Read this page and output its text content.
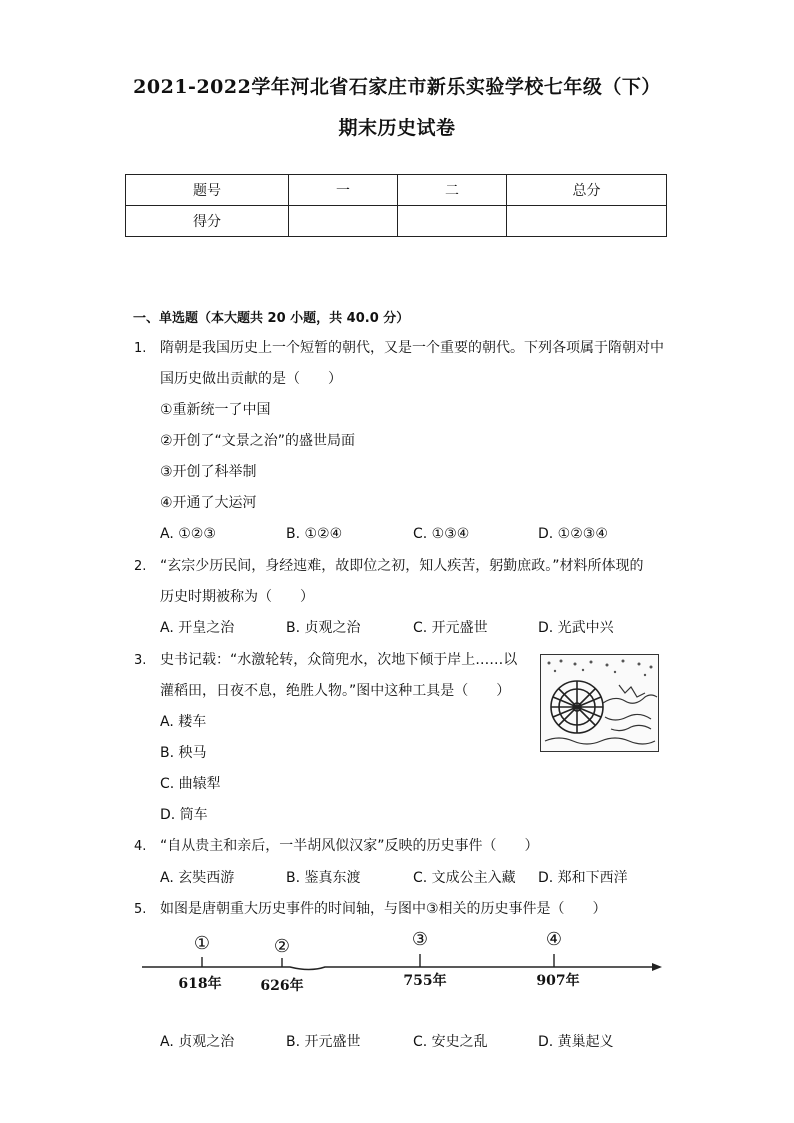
2021-2022学年河北省石家庄市新乐实验学校七年级（下）
期末历史试卷
题号	一	二	总分
得分			
一、单选题（本大题共 20 小题，共 40.0 分）
1. 隋朝是我国历史上一个短暂的朝代，又是一个重要的朝代。下列各项属于隋朝对中
国历史做出贡献的是（　　）
①重新统一了中国
②开创了“文景之治”的盛世局面
③开创了科举制
④开通了大运河
A. ①②③	B. ①②④	C. ①③④	D. ①②③④
2. “玄宗少历民间，身经迍难，故即位之初，知人疾苦，躬勤庶政。”材料所体现的
历史时期被称为（　　）
A. 开皇之治	B. 贞观之治	C. 开元盛世	D. 光武中兴
3. 史书记载：“水激轮转，众筒兜水，次地下倾于岸上……以
灌稻田，日夜不息，绝胜人物。”图中这种工具是（　　）
A. 耧车
B. 秧马
C. 曲辕犁
D. 筒车
4. “自从贵主和亲后，一半胡风似汉家”反映的历史事件（　　）
A. 玄奘西游	B. 鉴真东渡	C. 文成公主入藏 D. 郑和下西洋
5. 如图是唐朝重大历史事件的时间轴，与图中③相关的历史事件是（　　）
①	②	③	④
618年	626年	755年	907年
A. 贞观之治	B. 开元盛世	C. 安史之乱	D. 黄巢起义
